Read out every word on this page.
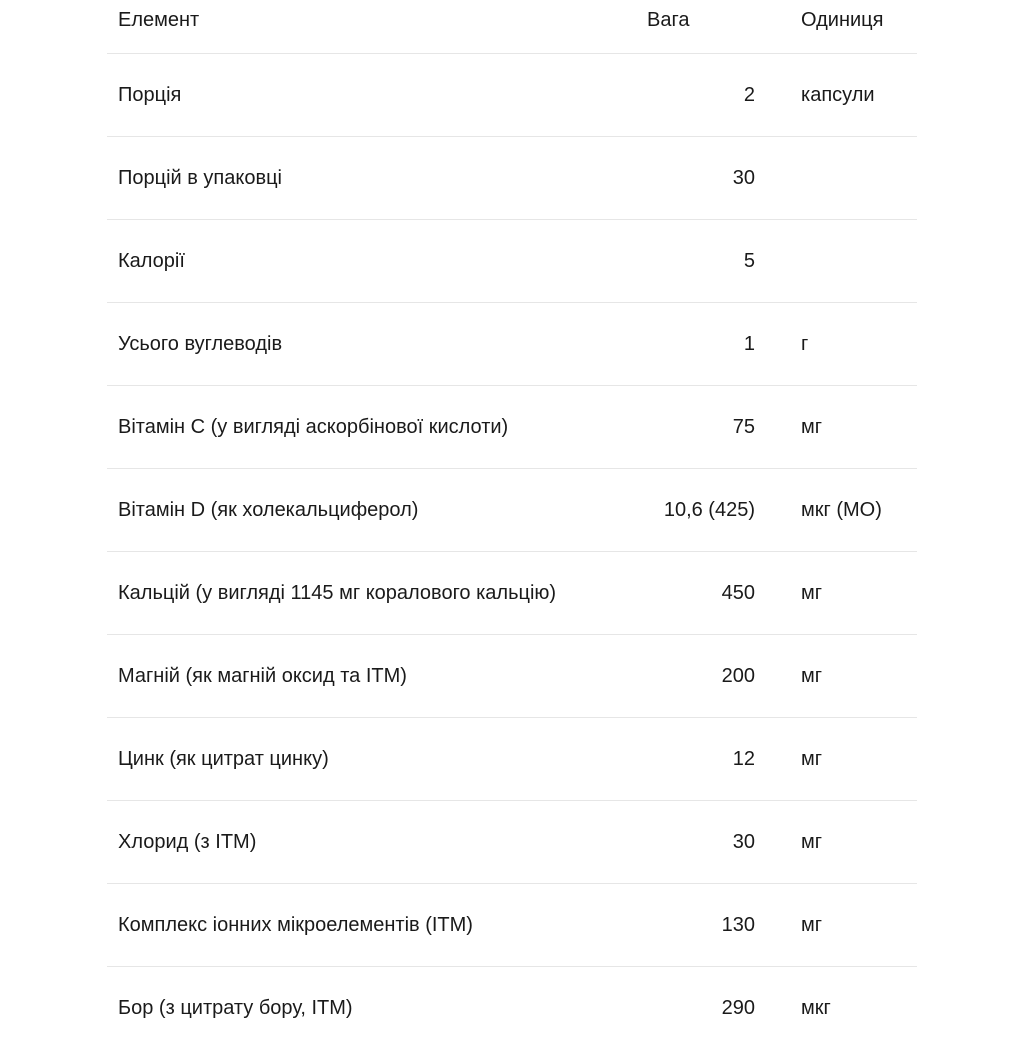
Елемент	Вага	Одиниця
Порція	2	капсули
Порцій в упаковці	30
Калорії	5
Усього вуглеводів	1	г
Вітамін C (у вигляді аскорбінової кислоти)	75	мг
Вітамін D (як холекальциферол)	10,6 (425)	мкг (МО)
Кальцій (у вигляді 1145 мг коралового кальцію)	450	мг
Магній (як магній оксид та ITM)	200	мг
Цинк (як цитрат цинку)	12	мг
Хлорид (з ITM)	30	мг
Комплекс іонних мікроелементів (ITM)	130	мг
Бор (з цитрату бору, ITM)	290	мкг
